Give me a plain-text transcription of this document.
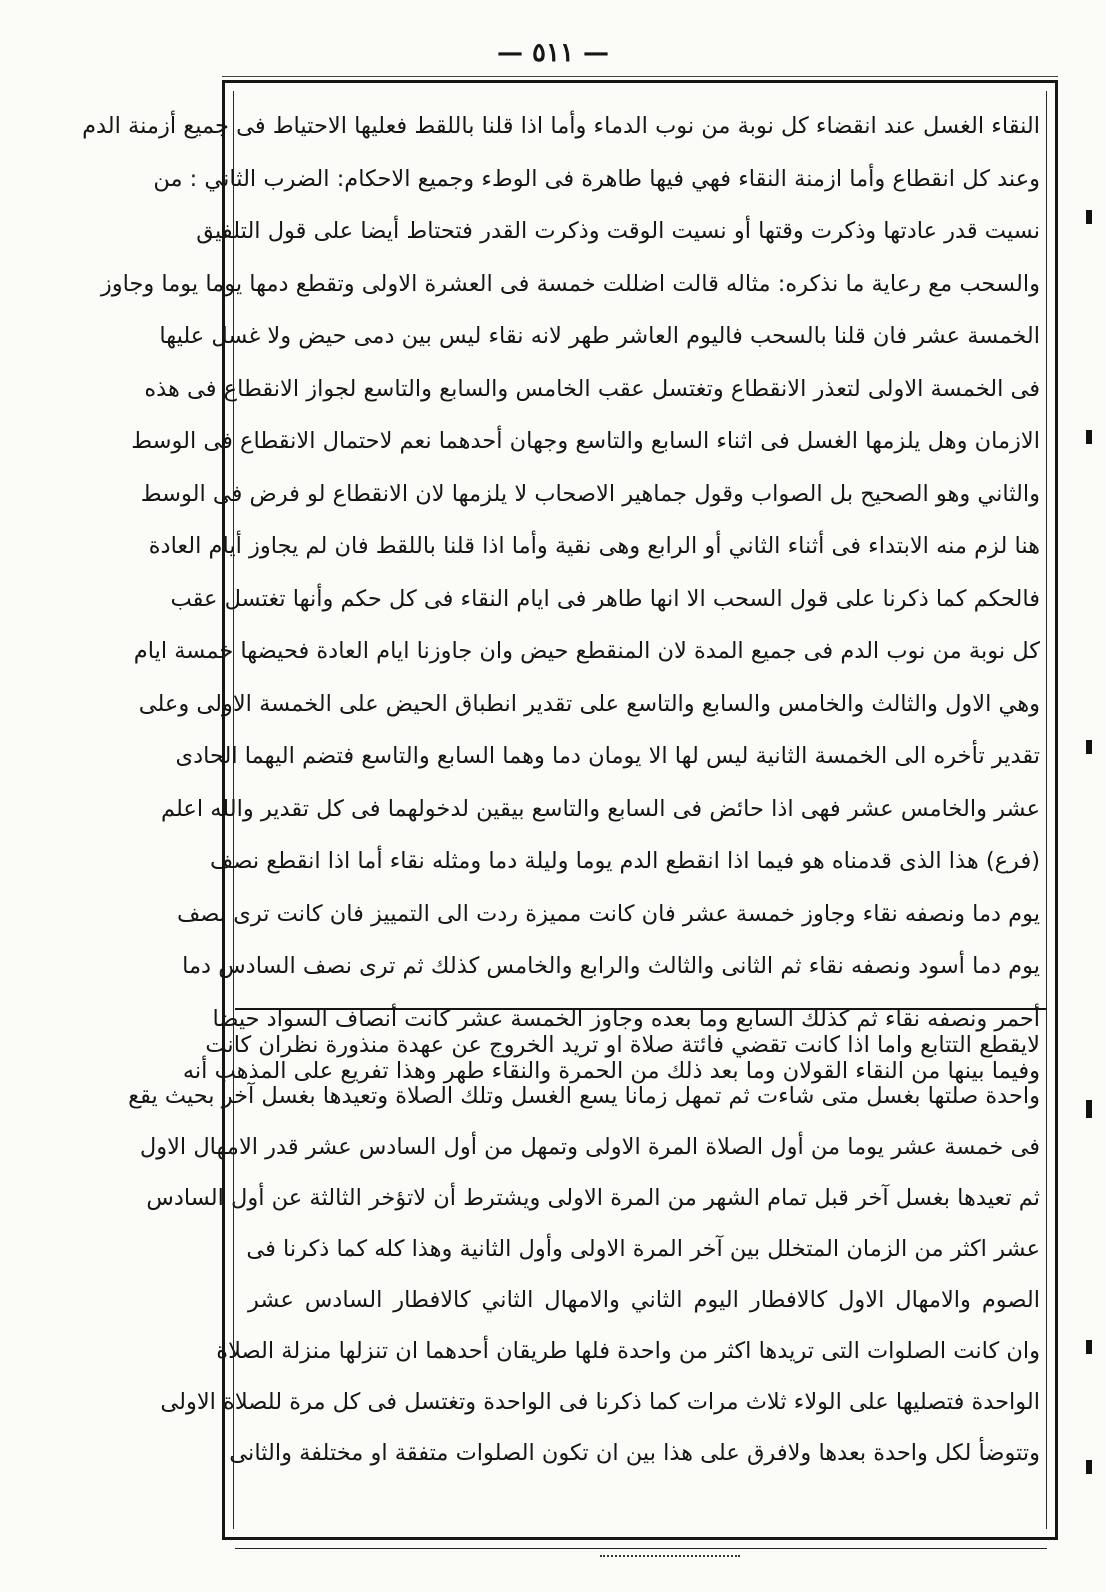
— ٥١١ —
النقاء الغسل عند انقضاء كل نوبة من نوب الدماء وأما اذا قلنا باللقط فعليها الاحتياط فى جميع أزمنة الدم
وعند كل انقطاع وأما ازمنة النقاء فهي فيها طاهرة فى الوطء وجميع الاحكام: الضرب الثاني : من
نسيت قدر عادتها وذكرت وقتها أو نسيت الوقت وذكرت القدر فتحتاط أيضا على قول التلفيق
والسحب مع رعاية ما نذكره: مثاله قالت اضللت خمسة فى العشرة الاولى وتقطع دمها يوما يوما وجاوز
الخمسة عشر فان قلنا بالسحب فاليوم العاشر طهر لانه نقاء ليس بين دمى حيض ولا غسل عليها
فى الخمسة الاولى لتعذر الانقطاع وتغتسل عقب الخامس والسابع والتاسع لجواز الانقطاع فى هذه
الازمان وهل يلزمها الغسل فى اثناء السابع والتاسع وجهان أحدهما نعم لاحتمال الانقطاع فى الوسط
والثاني وهو الصحيح بل الصواب وقول جماهير الاصحاب لا يلزمها لان الانقطاع لو فرض فى الوسط
هنا لزم منه الابتداء فى أثناء الثاني أو الرابع وهى نقية وأما اذا قلنا باللقط فان لم يجاوز أيام العادة
فالحكم كما ذكرنا على قول السحب الا انها طاهر فى ايام النقاء فى كل حكم وأنها تغتسل عقب
كل نوبة من نوب الدم فى جميع المدة لان المنقطع حيض وان جاوزنا ايام العادة فحيضها خمسة ايام
وهي الاول والثالث والخامس والسابع والتاسع على تقدير انطباق الحيض على الخمسة الاولى وعلى
تقدير تأخره الى الخمسة الثانية ليس لها الا يومان دما وهما السابع والتاسع فتضم اليهما الحادى
عشر والخامس عشر فهى اذا حائض فى السابع والتاسع بيقين لدخولهما فى كل تقدير والله اعلم
(فرع) هذا الذى قدمناه هو فيما اذا انقطع الدم يوما وليلة دما ومثله نقاء أما اذا انقطع نصف
يوم دما ونصفه نقاء وجاوز خمسة عشر فان كانت مميزة ردت الى التمييز فان كانت ترى نصف
يوم دما أسود ونصفه نقاء ثم الثانى والثالث والرابع والخامس كذلك ثم ترى نصف السادس دما
أحمر ونصفه نقاء ثم كذلك السابع وما بعده وجاوز الخمسة عشر كانت أنصاف السواد حيضا
وفيما بينها من النقاء القولان وما بعد ذلك من الحمرة والنقاء طهر وهذا تفريع على المذهب أنه
لايقطع التتابع واما اذا كانت تقضي فائتة صلاة او تريد الخروج عن عهدة منذورة نظران كانت
واحدة صلتها بغسل متى شاءت ثم تمهل زمانا يسع الغسل وتلك الصلاة وتعيدها بغسل آخر بحيث يقع
فى خمسة عشر يوما من أول الصلاة المرة الاولى وتمهل من أول السادس عشر قدر الامهال الاول
ثم تعيدها بغسل آخر قبل تمام الشهر من المرة الاولى ويشترط أن لاتؤخر الثالثة عن أول السادس
عشر اكثر من الزمان المتخلل بين آخر المرة الاولى وأول الثانية وهذا كله كما ذكرنا فى
الصوم والامهال الاول كالافطار اليوم الثاني والامهال الثاني كالافطار السادس عشر
وان كانت الصلوات التى تريدها اكثر من واحدة فلها طريقان أحدهما ان تنزلها منزلة الصلاة
الواحدة فتصليها على الولاء ثلاث مرات كما ذكرنا فى الواحدة وتغتسل فى كل مرة للصلاة الاولى
وتتوضأ لكل واحدة بعدها ولافرق على هذا بين ان تكون الصلوات متفقة او مختلفة والثانى
